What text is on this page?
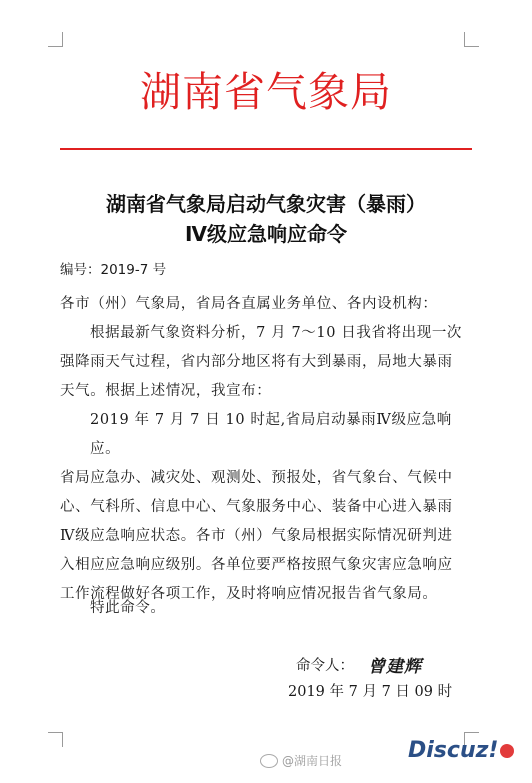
湖南省气象局
湖南省气象局启动气象灾害（暴雨）
Ⅳ级应急响应命令
编号：2019-7 号
各市（州）气象局，省局各直属业务单位、各内设机构：
根据最新气象资料分析，7 月 7～10 日我省将出现一次
强降雨天气过程，省内部分地区将有大到暴雨，局地大暴雨
天气。根据上述情况，我宣布：
2019 年 7 月 7 日 10 时起,省局启动暴雨Ⅳ级应急响应。
省局应急办、减灾处、观测处、预报处，省气象台、气候中
心、气科所、信息中心、气象服务中心、装备中心进入暴雨
Ⅳ级应急响应状态。各市（州）气象局根据实际情况研判进
入相应应急响应级别。各单位要严格按照气象灾害应急响应
工作流程做好各项工作，及时将响应情况报告省气象局。
特此命令。
命令人： 曾建辉
2019 年 7 月 7 日 09 时
@湖南日报	Discuz!
